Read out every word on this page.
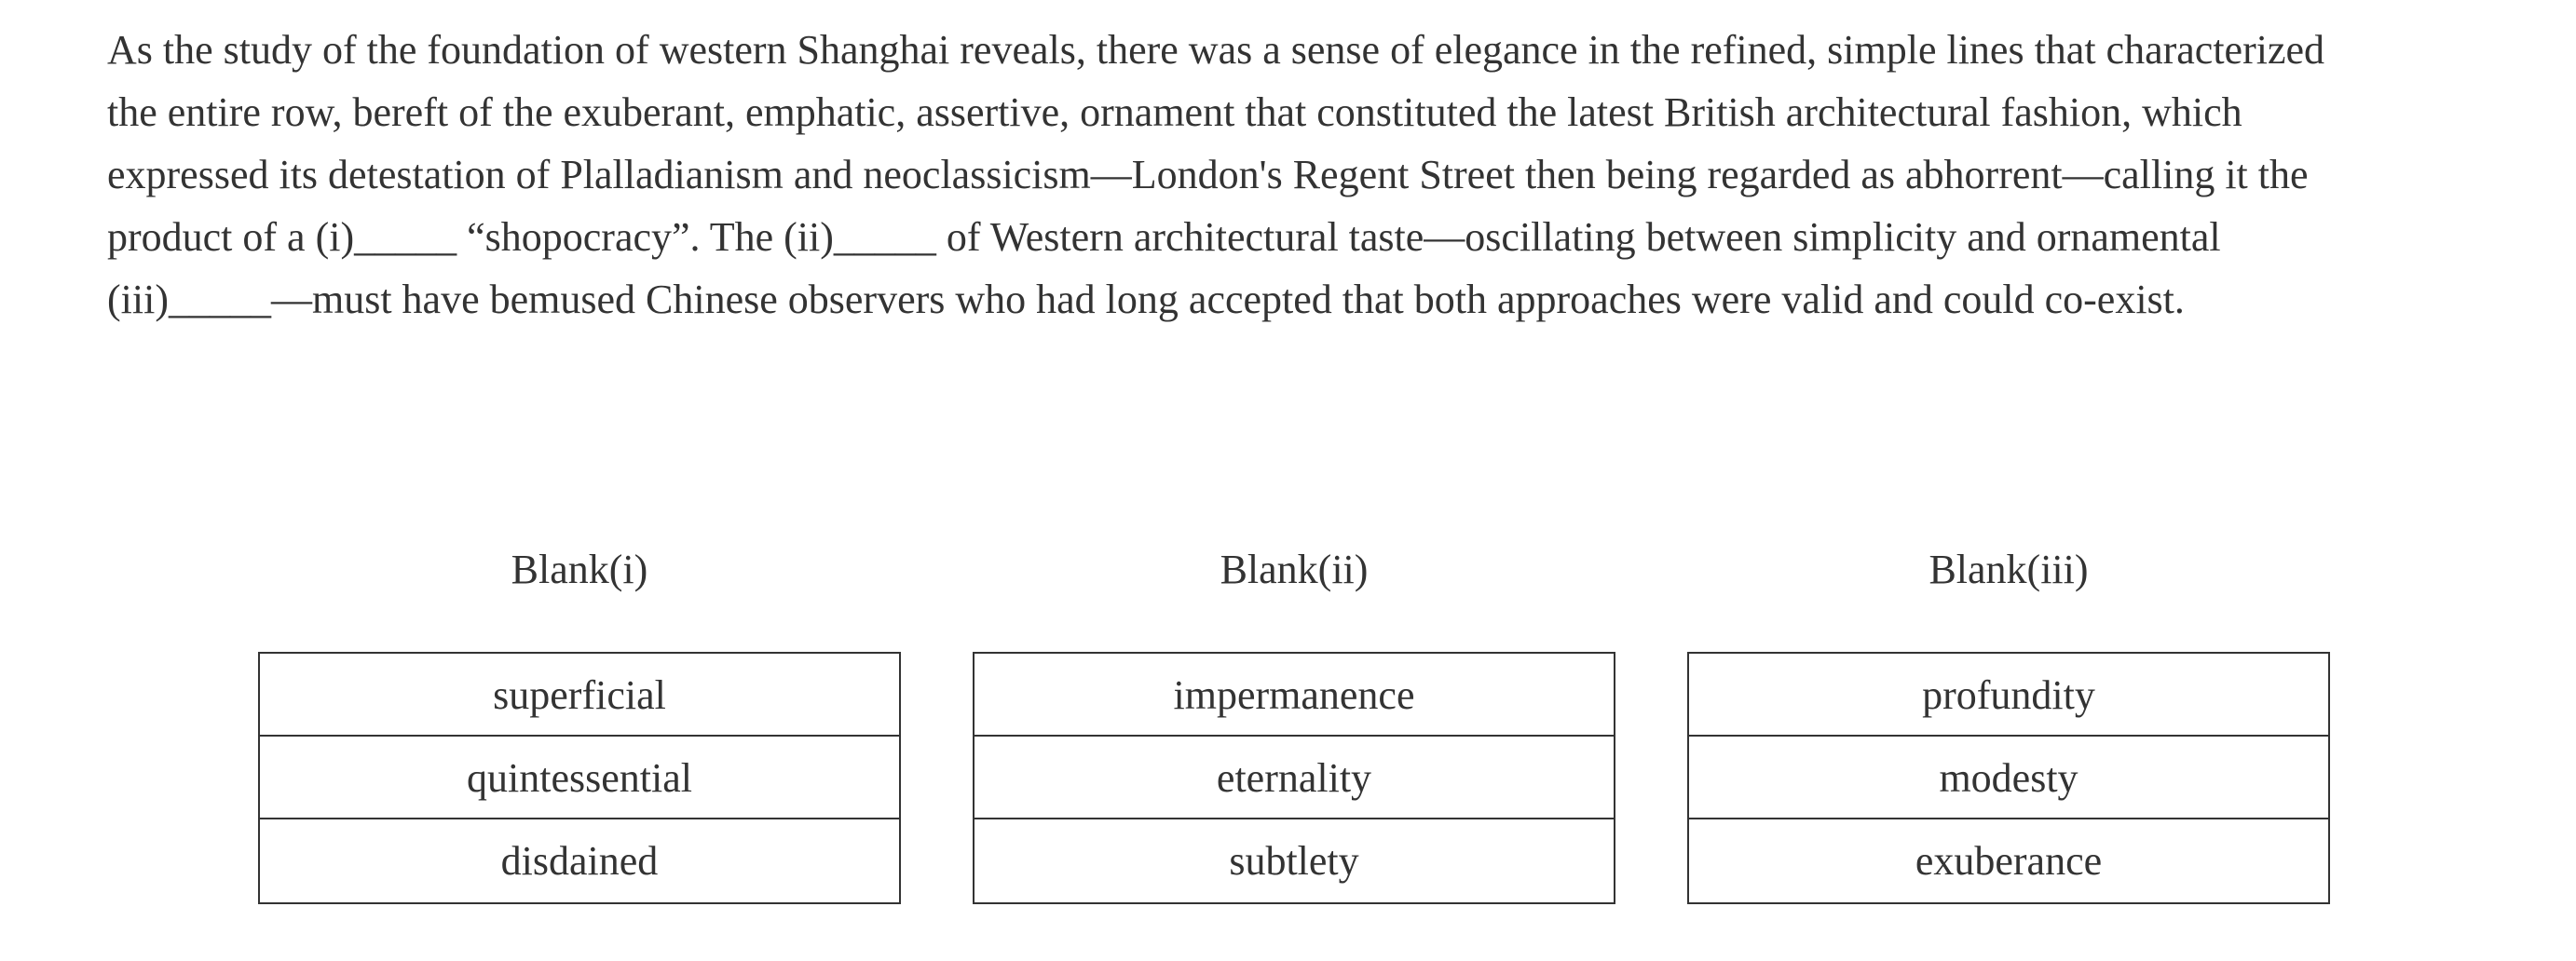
As the study of the foundation of western Shanghai reveals, there was a sense of elegance in the refined, simple lines that characterized
the entire row, bereft of the exuberant, emphatic, assertive, ornament that constituted the latest British architectural fashion, which
expressed its detestation of Plalladianism and neoclassicism—London's Regent Street then being regarded as abhorrent—calling it the
product of a (i)_____ “shopocracy”. The (ii)_____ of Western architectural taste—oscillating between simplicity and ornamental
(iii)_____—must have bemused Chinese observers who had long accepted that both approaches were valid and could co-exist.
Blank(i)
superficial
quintessential
disdained
Blank(ii)
impermanence
eternality
subtlety
Blank(iii)
profundity
modesty
exuberance
